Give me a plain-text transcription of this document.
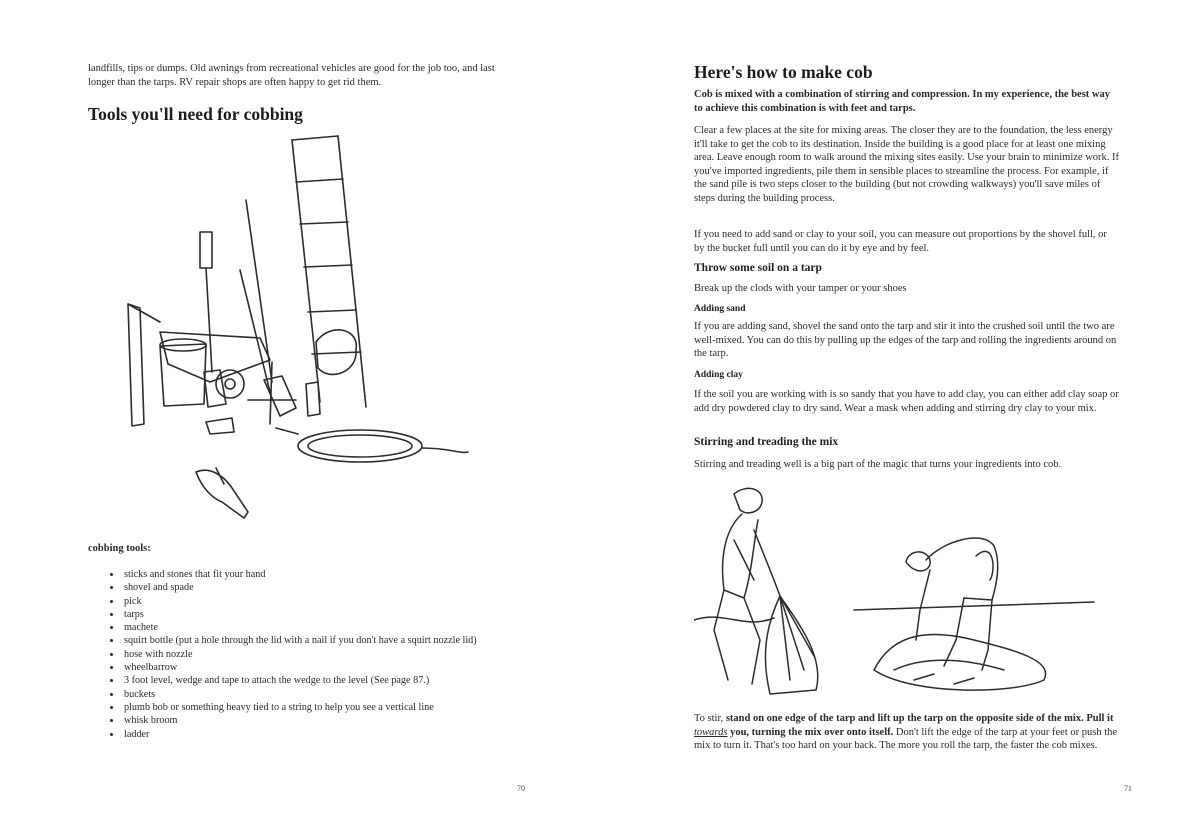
landfills, tips or dumps. Old awnings from recreational vehicles are good for the job too, and last longer than the tarps. RV repair shops are often happy to get rid them.

Tools you'll need for cobbing
cobbing tools:
• sticks and stones that fit your hand
• shovel and spade
• pick
• tarps
• machete
• squirt bottle (put a hole through the lid with a nail if you don't have a squirt nozzle lid)
• hose with nozzle
• wheelbarrow
• 3 foot level, wedge and tape to attach the wedge to the level (See page 87.)
• buckets
• plumb bob or something heavy tied to a string to help you see a vertical line
• whisk broom
• ladder
70
Here's how to make cob

Cob is mixed with a combination of stirring and compression. In my experience, the best way to achieve this combination is with feet and tarps.

Clear a few places at the site for mixing areas. The closer they are to the foundation, the less energy it'll take to get the cob to its destination. Inside the building is a good place for at least one mixing area. Leave enough room to walk around the mixing sites easily. Use your brain to minimize work. If you've imported ingredients, pile them in sensible places to streamline the process. For example, if the sand pile is two steps closer to the building (but not crowding walkways) you'll save miles of steps during the building process.

If you need to add sand or clay to your soil, you can measure out proportions by the shovel full, or by the bucket full until you can do it by eye and by feel.

Throw some soil on a tarp

Break up the clods with your tamper or your shoes

Adding sand

If you are adding sand, shovel the sand onto the tarp and stir it into the crushed soil until the two are well-mixed. You can do this by pulling up the edges of the tarp and rolling the ingredients around on the tarp.

Adding clay

If the soil you are working with is so sandy that you have to add clay, you can either add clay soap or add dry powdered clay to dry sand. Wear a mask when adding and stirring dry clay to your mix.

Stirring and treading the mix

Stirring and treading well is a big part of the magic that turns your ingredients into cob.

To stir, stand on one edge of the tarp and lift up the tarp on the opposite side of the mix. Pull it towards you, turning the mix over onto itself. Don't lift the edge of the tarp at your feet or push the mix to turn it. That's too hard on your back. The more you roll the tarp, the faster the cob mixes.

71
